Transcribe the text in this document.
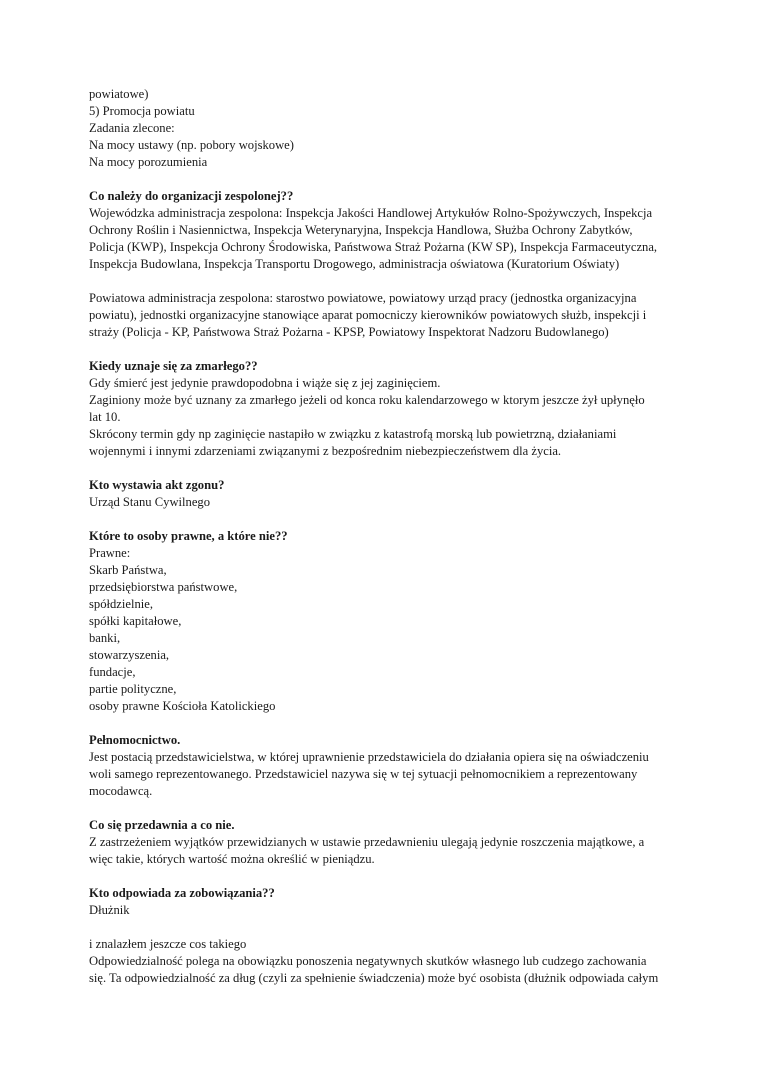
powiatowe)
5) Promocja powiatu
Zadania zlecone:
Na mocy ustawy (np. pobory wojskowe)
Na mocy porozumienia
Co należy do organizacji zespolonej??
Wojewódzka administracja zespolona: Inspekcja Jakości Handlowej Artykułów Rolno-Spożywczych, Inspekcja
Ochrony Roślin i Nasiennictwa, Inspekcja Weterynaryjna, Inspekcja Handlowa, Służba Ochrony Zabytków,
Policja (KWP), Inspekcja Ochrony Środowiska, Państwowa Straż Pożarna (KW SP), Inspekcja Farmaceutyczna,
Inspekcja Budowlana, Inspekcja Transportu Drogowego, administracja oświatowa (Kuratorium Oświaty)
Powiatowa administracja zespolona: starostwo powiatowe, powiatowy urząd pracy (jednostka organizacyjna
powiatu), jednostki organizacyjne stanowiące aparat pomocniczy kierowników powiatowych służb, inspekcji i
straży (Policja - KP, Państwowa Straż Pożarna - KPSP, Powiatowy Inspektorat Nadzoru Budowlanego)
Kiedy uznaje się za zmarłego??
Gdy śmierć jest jedynie prawdopodobna i wiąże się z jej zaginięciem.
Zaginiony może być uznany za zmarłego jeżeli od konca roku kalendarzowego w ktorym jeszcze żył upłynęło
lat 10.
Skrócony termin gdy np zaginięcie nastapiło w związku z katastrofą morską lub powietrzną, działaniami
wojennymi i innymi zdarzeniami związanymi z bezpośrednim niebezpieczeństwem dla życia.
Kto wystawia akt zgonu?
Urząd Stanu Cywilnego
Które to osoby prawne, a które nie??
Prawne:
Skarb Państwa,
przedsiębiorstwa państwowe,
spółdzielnie,
spółki kapitałowe,
banki,
stowarzyszenia,
fundacje,
partie polityczne,
osoby prawne Kościoła Katolickiego
Pełnomocnictwo.
Jest postacią przedstawicielstwa, w której uprawnienie przedstawiciela do działania opiera się na oświadczeniu
woli samego reprezentowanego. Przedstawiciel nazywa się w tej sytuacji pełnomocnikiem a reprezentowany
mocodawcą.
Co się przedawnia a co nie.
Z zastrzeżeniem wyjątków przewidzianych w ustawie przedawnieniu ulegają jedynie roszczenia majątkowe, a
więc takie, których wartość można określić w pieniądzu.
Kto odpowiada za zobowiązania??
Dłużnik
i znalazłem jeszcze cos takiego
Odpowiedzialność polega na obowiązku ponoszenia negatywnych skutków własnego lub cudzego zachowania
się. Ta odpowiedzialność za dług (czyli za spełnienie świadczenia) może być osobista (dłużnik odpowiada całym
